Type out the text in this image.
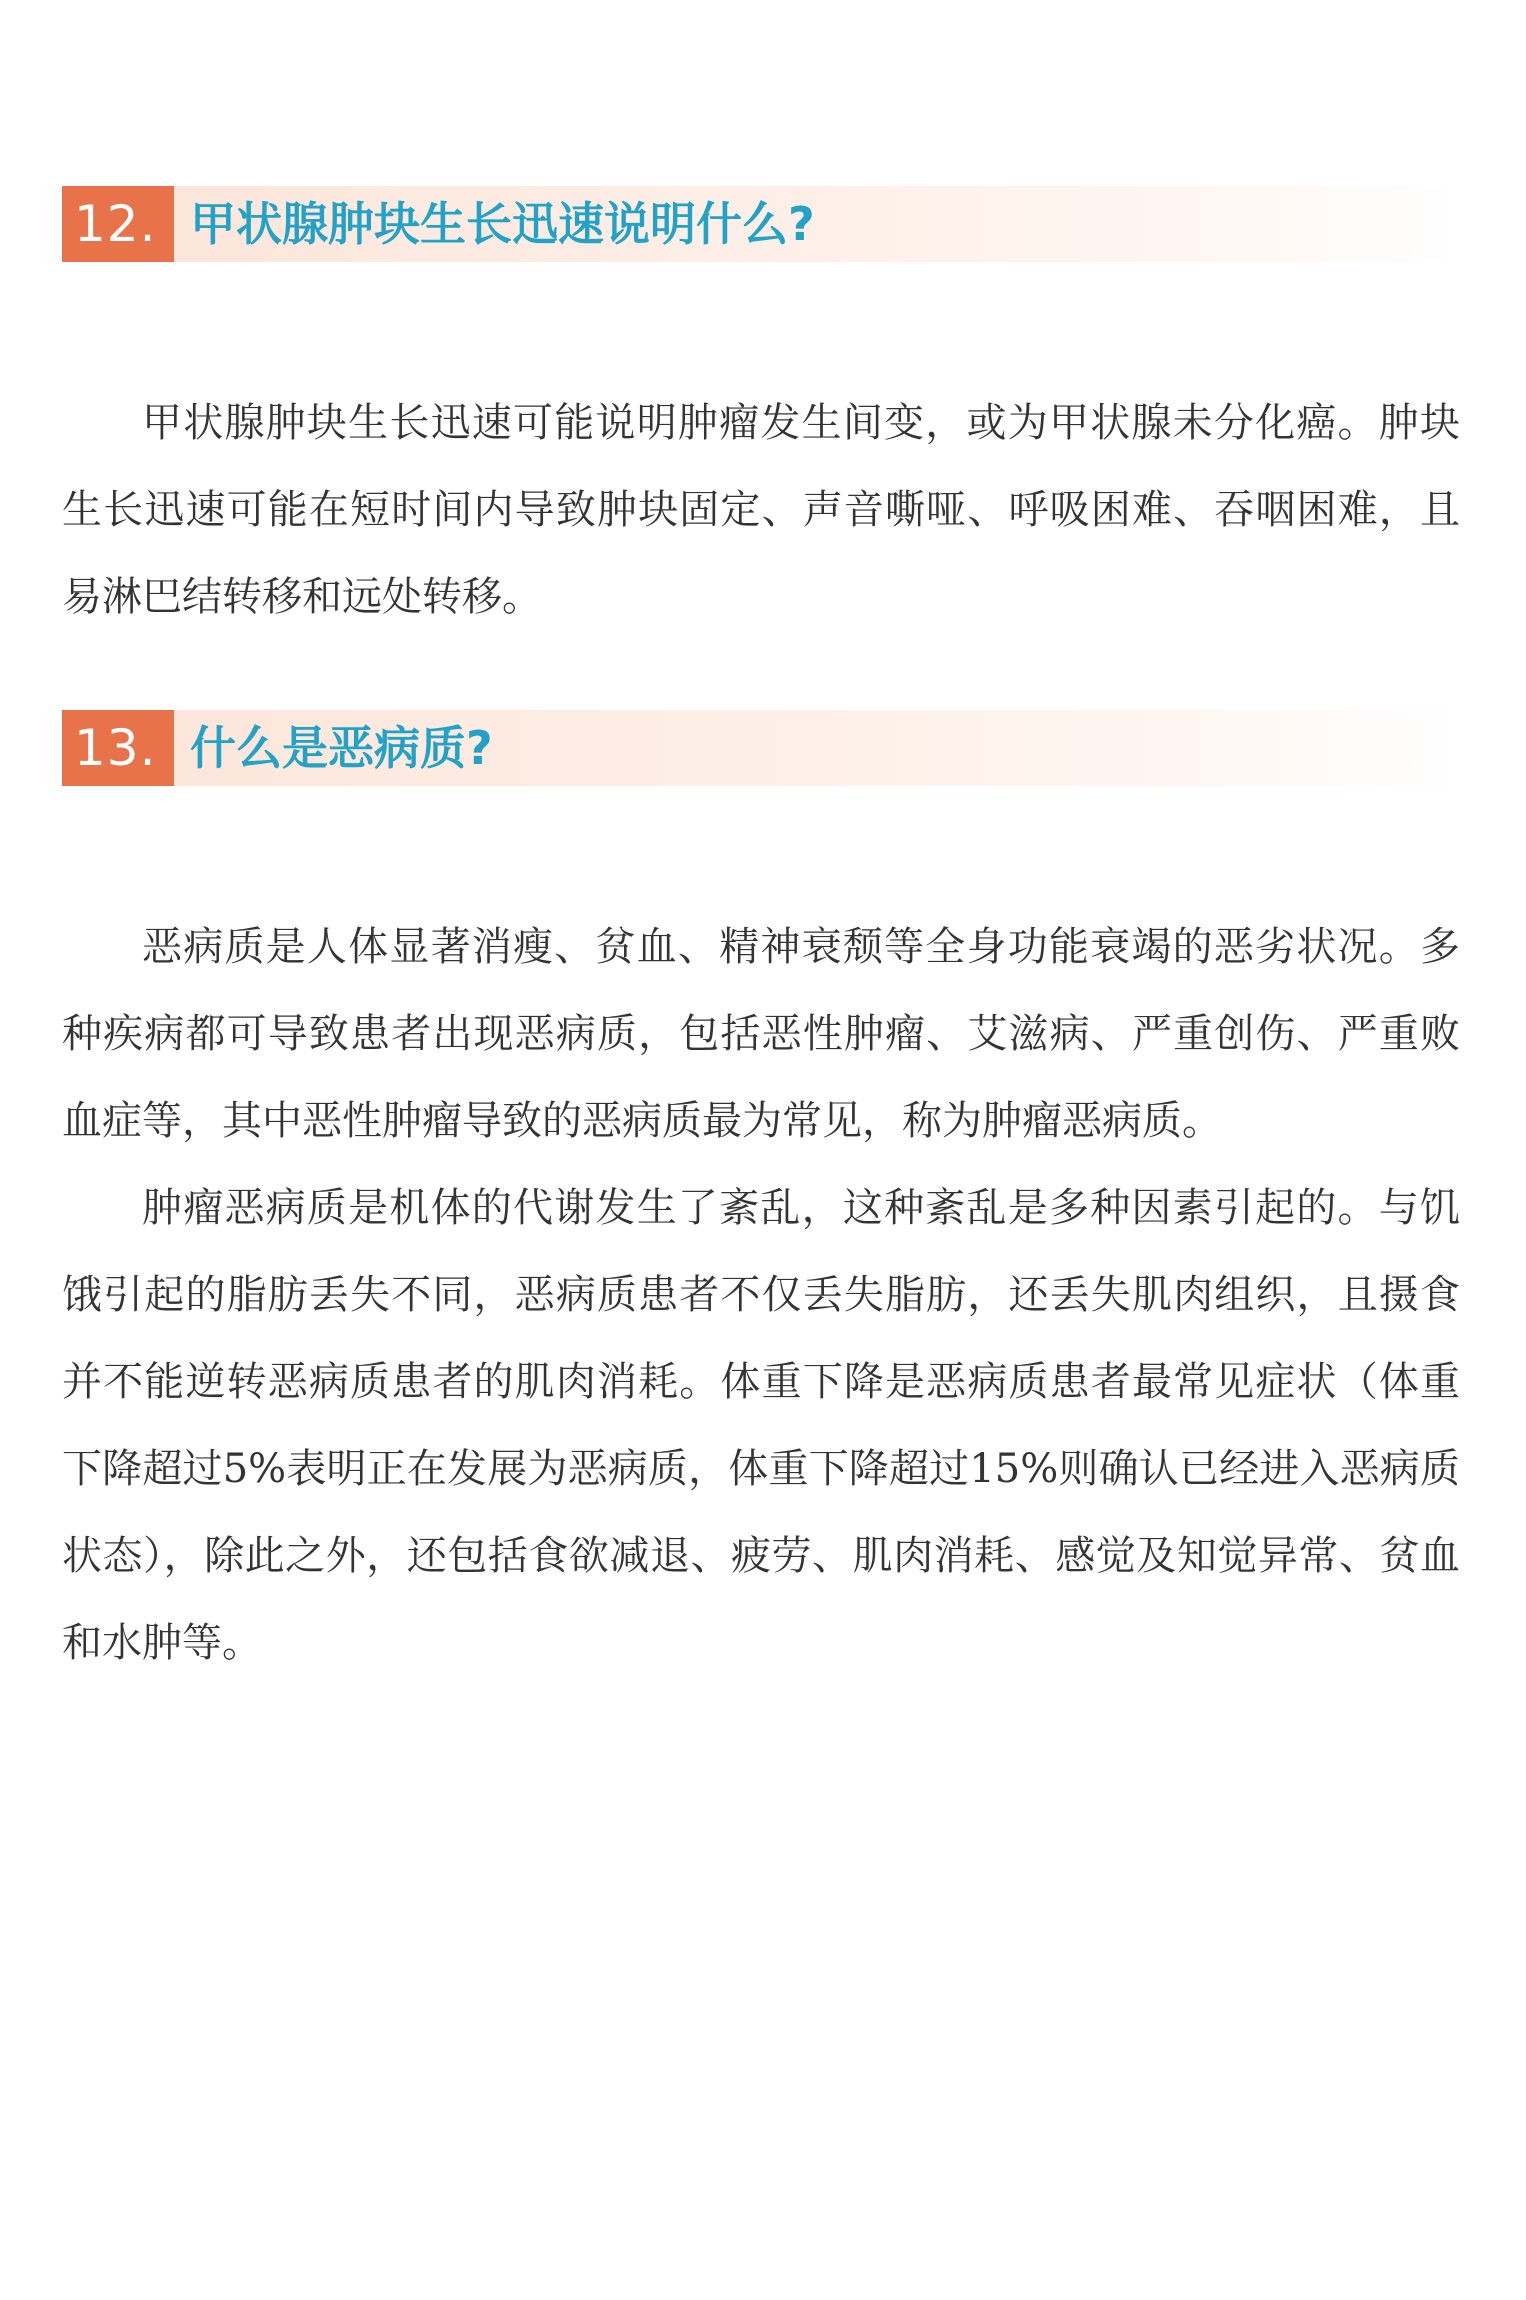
12. 甲状腺肿块生长迅速说明什么?

甲状腺肿块生长迅速可能说明肿瘤发生间变，或为甲状腺未分化癌。肿块生长迅速可能在短时间内导致肿块固定、声音嘶哑、呼吸困难、吞咽困难，且易淋巴结转移和远处转移。

13. 什么是恶病质?

恶病质是人体显著消瘦、贫血、精神衰颓等全身功能衰竭的恶劣状况。多种疾病都可导致患者出现恶病质，包括恶性肿瘤、艾滋病、严重创伤、严重败血症等，其中恶性肿瘤导致的恶病质最为常见，称为肿瘤恶病质。

肿瘤恶病质是机体的代谢发生了紊乱，这种紊乱是多种因素引起的。与饥饿引起的脂肪丢失不同，恶病质患者不仅丢失脂肪，还丢失肌肉组织，且摄食并不能逆转恶病质患者的肌肉消耗。体重下降是恶病质患者最常见症状（体重下降超过5%表明正在发展为恶病质，体重下降超过15%则确认已经进入恶病质状态），除此之外，还包括食欲减退、疲劳、肌肉消耗、感觉及知觉异常、贫血和水肿等。
